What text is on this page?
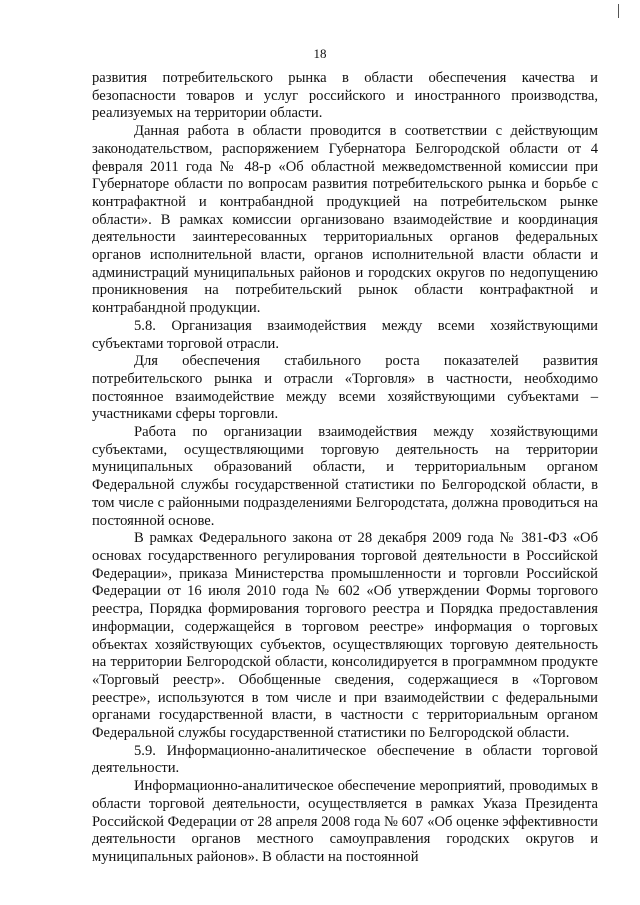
18

развития потребительского рынка в области обеспечения качества и безопасности товаров и услуг российского и иностранного производства, реализуемых на территории области.

Данная работа в области проводится в соответствии с действующим законодательством, распоряжением Губернатора Белгородской области от 4 февраля 2011 года № 48-р «Об областной межведомственной комиссии при Губернаторе области по вопросам развития потребительского рынка и борьбе с контрафактной и контрабандной продукцией на потребительском рынке области». В рамках комиссии организовано взаимодействие и координация деятельности заинтересованных территориальных органов федеральных органов исполнительной власти, органов исполнительной власти области и администраций муниципальных районов и городских округов по недопущению проникновения на потребительский рынок области контрафактной и контрабандной продукции.

5.8. Организация взаимодействия между всеми хозяйствующими субъектами торговой отрасли.

Для обеспечения стабильного роста показателей развития потребительского рынка и отрасли «Торговля» в частности, необходимо постоянное взаимодействие между всеми хозяйствующими субъектами – участниками сферы торговли.

Работа по организации взаимодействия между хозяйствующими субъектами, осуществляющими торговую деятельность на территории муниципальных образований области, и территориальным органом Федеральной службы государственной статистики по Белгородской области, в том числе с районными подразделениями Белгородстата, должна проводиться на постоянной основе.

В рамках Федерального закона от 28 декабря 2009 года № 381-ФЗ «Об основах государственного регулирования торговой деятельности в Российской Федерации», приказа Министерства промышленности и торговли Российской Федерации от 16 июля 2010 года № 602 «Об утверждении Формы торгового реестра, Порядка формирования торгового реестра и Порядка предоставления информации, содержащейся в торговом реестре» информация о торговых объектах хозяйствующих субъектов, осуществляющих торговую деятельность на территории Белгородской области, консолидируется в программном продукте «Торговый реестр». Обобщенные сведения, содержащиеся в «Торговом реестре», используются в том числе и при взаимодействии с федеральными органами государственной власти, в частности с территориальным органом Федеральной службы государственной статистики по Белгородской области.

5.9. Информационно-аналитическое обеспечение в области торговой деятельности.

Информационно-аналитическое обеспечение мероприятий, проводимых в области торговой деятельности, осуществляется в рамках Указа Президента Российской Федерации от 28 апреля 2008 года № 607 «Об оценке эффективности деятельности органов местного самоуправления городских округов и муниципальных районов». В области на постоянной
